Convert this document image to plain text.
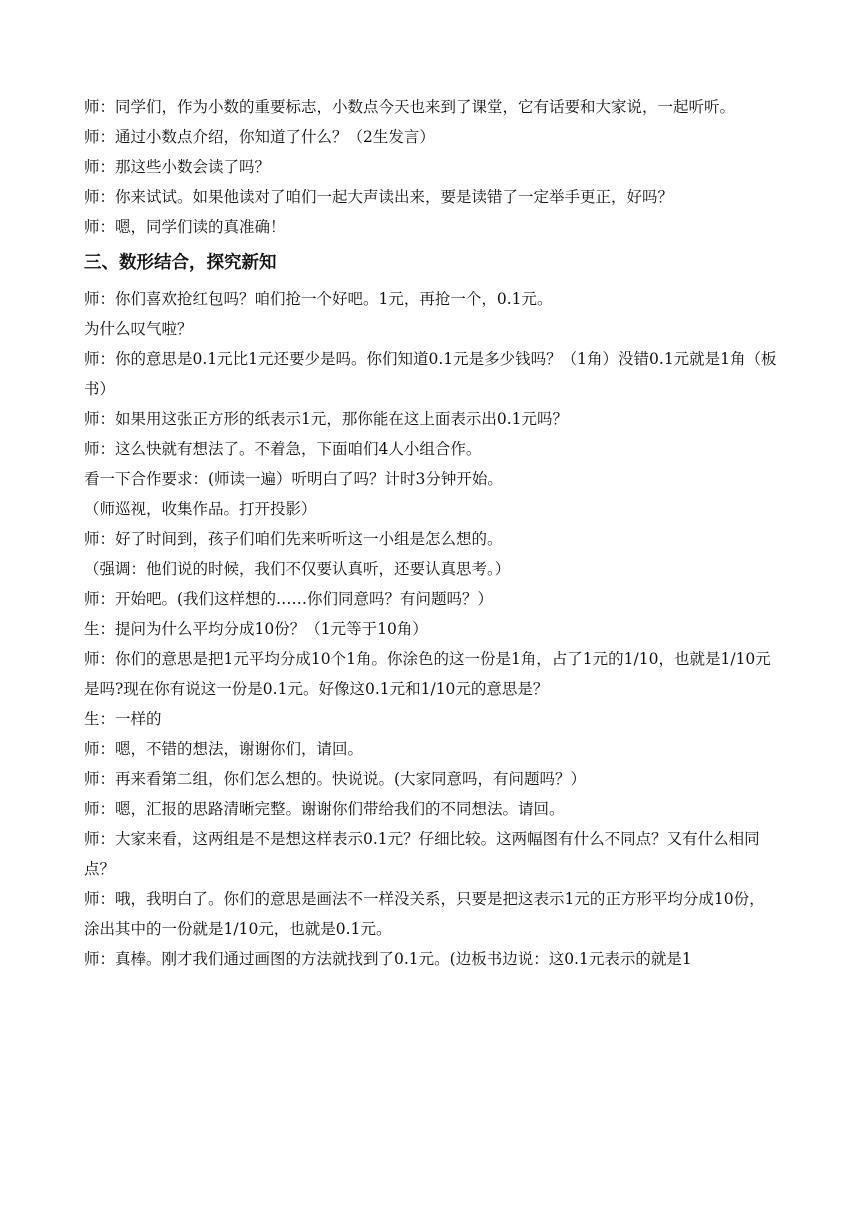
师：同学们，作为小数的重要标志，小数点今天也来到了课堂，它有话要和大家说，一起听听。

师：通过小数点介绍，你知道了什么？（2生发言）

师：那这些小数会读了吗？

师：你来试试。如果他读对了咱们一起大声读出来，要是读错了一定举手更正，好吗？

师：嗯，同学们读的真准确！

三、数形结合，探究新知

师：你们喜欢抢红包吗？咱们抢一个好吧。1元，再抢一个，0.1元。

为什么叹气啦？

师：你的意思是0.1元比1元还要少是吗。你们知道0.1元是多少钱吗？（1角）没错0.1元就是1角（板书）

师：如果用这张正方形的纸表示1元，那你能在这上面表示出0.1元吗？

师：这么快就有想法了。不着急，下面咱们4人小组合作。

看一下合作要求：(师读一遍）听明白了吗？计时3分钟开始。

（师巡视，收集作品。打开投影）

师：好了时间到，孩子们咱们先来听听这一小组是怎么想的。

（强调：他们说的时候，我们不仅要认真听，还要认真思考。）

师：开始吧。(我们这样想的……你们同意吗？有问题吗？）

生：提问为什么平均分成10份？（1元等于10角）

师：你们的意思是把1元平均分成10个1角。你涂色的这一份是1角，占了1元的1/10，也就是1/10元是吗?现在你有说这一份是0.1元。好像这0.1元和1/10元的意思是？

生：一样的

师：嗯，不错的想法，谢谢你们，请回。

师：再来看第二组，你们怎么想的。快说说。(大家同意吗，有问题吗？）

师：嗯，汇报的思路清晰完整。谢谢你们带给我们的不同想法。请回。

师：大家来看，这两组是不是想这样表示0.1元？仔细比较。这两幅图有什么不同点？又有什么相同点？

师：哦，我明白了。你们的意思是画法不一样没关系，只要是把这表示1元的正方形平均分成10份，涂出其中的一份就是1/10元，也就是0.1元。

师：真棒。刚才我们通过画图的方法就找到了0.1元。(边板书边说：这0.1元表示的就是1
